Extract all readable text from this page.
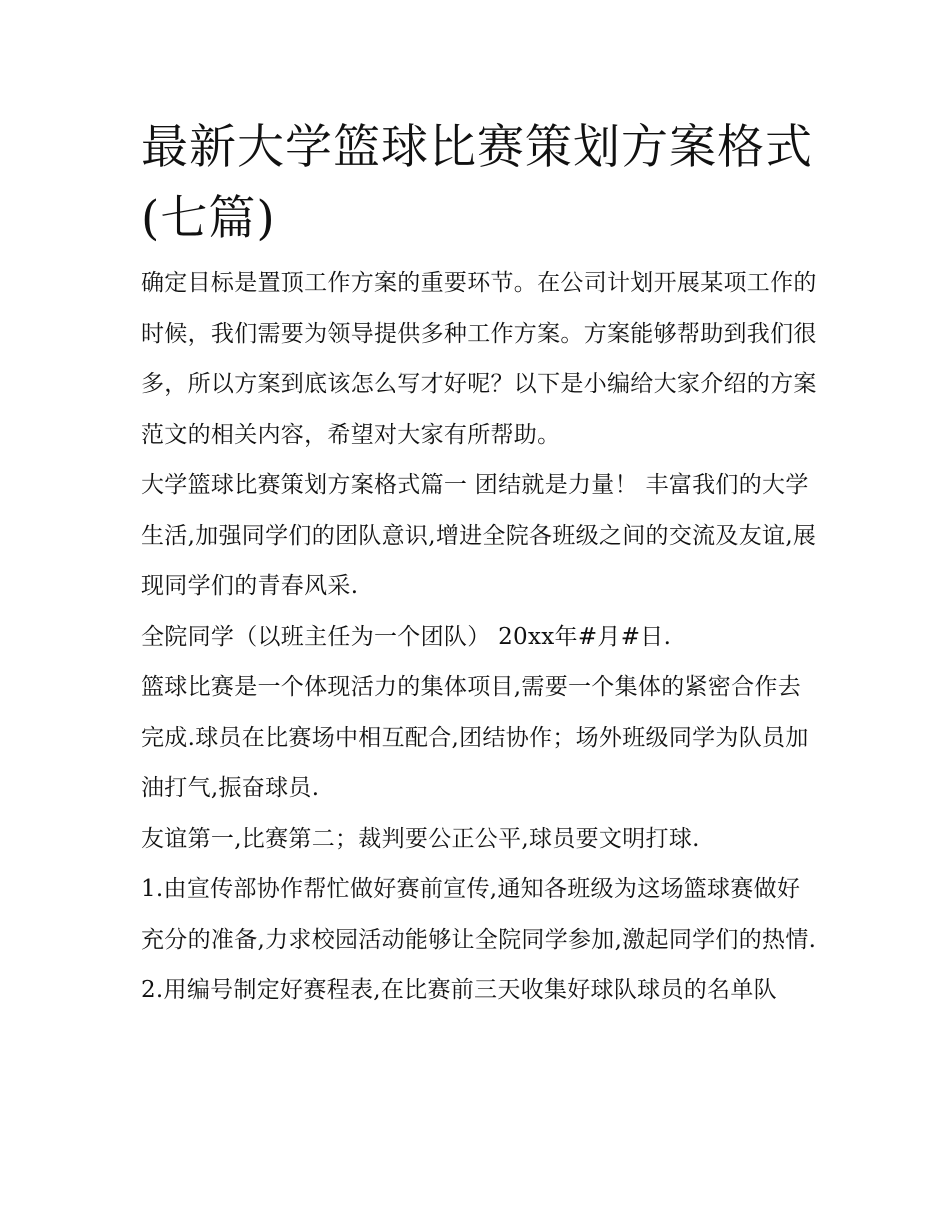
最新大学篮球比赛策划方案格式(七篇)

确定目标是置顶工作方案的重要环节。在公司计划开展某项工作的时候，我们需要为领导提供多种工作方案。方案能够帮助到我们很多，所以方案到底该怎么写才好呢？以下是小编给大家介绍的方案范文的相关内容，希望对大家有所帮助。

大学篮球比赛策划方案格式篇一 团结就是力量！ 丰富我们的大学生活,加强同学们的团队意识,增进全院各班级之间的交流及友谊,展现同学们的青春风采.

全院同学（以班主任为一个团队） 20xx年#月#日.

篮球比赛是一个体现活力的集体项目,需要一个集体的紧密合作去完成.球员在比赛场中相互配合,团结协作；场外班级同学为队员加油打气,振奋球员.

友谊第一,比赛第二；裁判要公正公平,球员要文明打球.

1.由宣传部协作帮忙做好赛前宣传,通知各班级为这场篮球赛做好充分的准备,力求校园活动能够让全院同学参加,激起同学们的热情.

2.用编号制定好赛程表,在比赛前三天收集好球队球员的名单队
